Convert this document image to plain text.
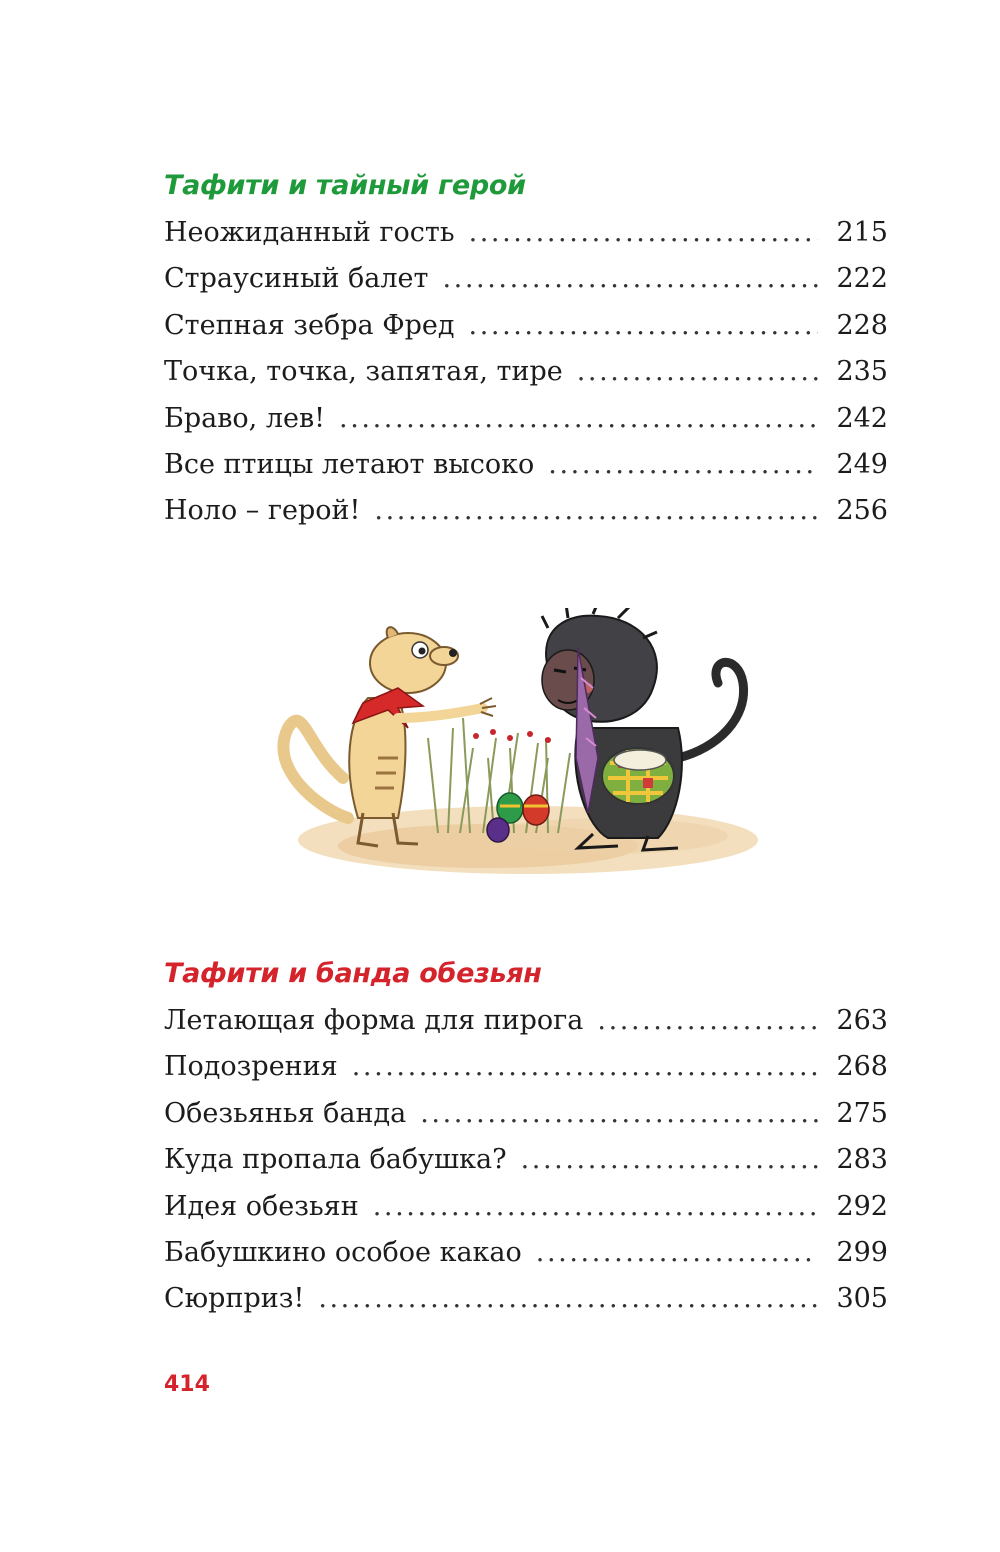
Тафити и тайный герой
Неожиданный гость .....	215
Страусиный балет .....	222
Степная зебра Фред .....	228
Точка, точка, запятая, тире .....	235
Браво, лев! .....	242
Все птицы летают высоко .....	249
Ноло – герой! .....	256
Тафити и банда обезьян
Летающая форма для пирога .....	263
Подозрения .....	268
Обезьянья банда .....	275
Куда пропала бабушка? .....	283
Идея обезьян .....	292
Бабушкино особое какао .....	299
Сюрприз! .....	305
414
